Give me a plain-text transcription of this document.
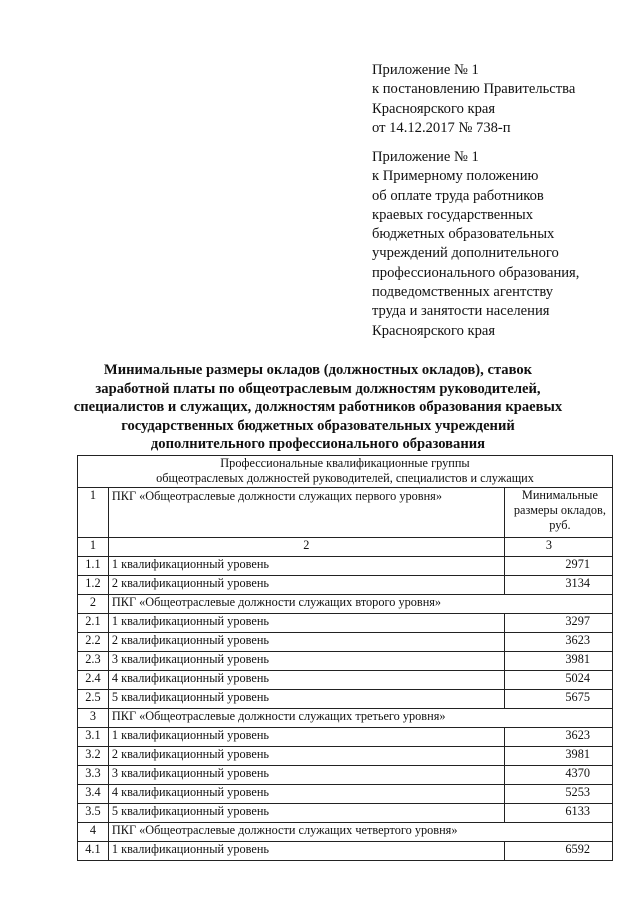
Приложение № 1
к постановлению Правительства
Красноярского края
от 14.12.2017 № 738-п
Приложение № 1
к Примерному положению
об оплате труда работников
краевых государственных
бюджетных образовательных
учреждений дополнительного
профессионального образования,
подведомственных агентству
труда и занятости населения
Красноярского края
Минимальные размеры окладов (должностных окладов), ставок
заработной платы по общеотраслевым должностям руководителей,
специалистов и служащих, должностям работников образования краевых
государственных бюджетных образовательных учреждений
дополнительного профессионального образования
Профессиональные квалификационные группы
общеотраслевых должностей руководителей, специалистов и служащих		

1	ПКГ «Общеотраслевые должности служащих первого уровня»	Минимальные размеры окладов, руб.
1	2	3
1.1	1 квалификационный уровень	2971
1.2	2 квалификационный уровень	3134
2	ПКГ «Общеотраслевые должности служащих второго уровня»	
2.1	1 квалификационный уровень	3297
2.2	2 квалификационный уровень	3623
2.3	3 квалификационный уровень	3981
2.4	4 квалификационный уровень	5024
2.5	5 квалификационный уровень	5675
3	ПКГ «Общеотраслевые должности служащих третьего уровня»	
3.1	1 квалификационный уровень	3623
3.2	2 квалификационный уровень	3981
3.3	3 квалификационный уровень	4370
3.4	4 квалификационный уровень	5253
3.5	5 квалификационный уровень	6133
4	ПКГ «Общеотраслевые должности служащих четвертого уровня»	
4.1	1 квалификационный уровень	6592
